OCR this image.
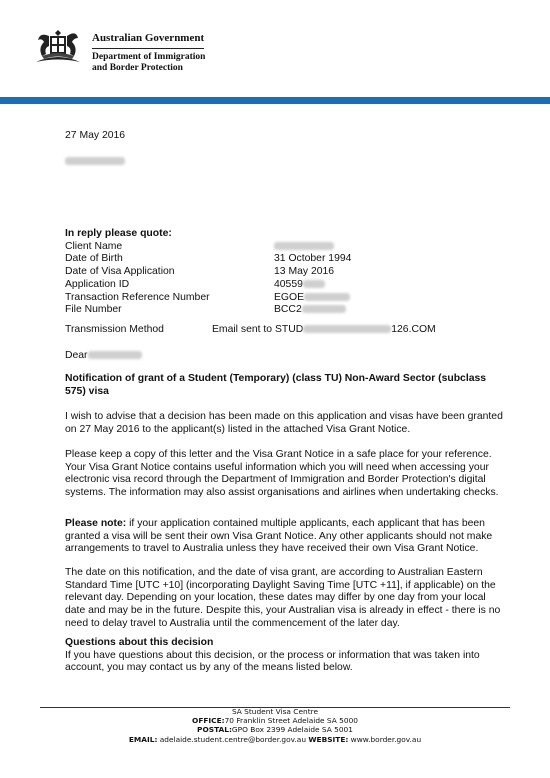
Australian Government
Department of Immigration
and Border Protection
27 May 2016
In reply please quote:
Client Name
Date of Birth	31 October 1994
Date of Visa Application	13 May 2016
Application ID	40559
Transaction Reference Number	EGOE
File Number	BCC2
Transmission Method	Email sent to STUD	126.COM
Dear
Notification of grant of a Student (Temporary) (class TU) Non-Award Sector (subclass 575) visa
I wish to advise that a decision has been made on this application and visas have been granted on 27 May 2016 to the applicant(s) listed in the attached Visa Grant Notice.
Please keep a copy of this letter and the Visa Grant Notice in a safe place for your reference. Your Visa Grant Notice contains useful information which you will need when accessing your electronic visa record through the Department of Immigration and Border Protection's digital systems. The information may also assist organisations and airlines when undertaking checks.
Please note: if your application contained multiple applicants, each applicant that has been granted a visa will be sent their own Visa Grant Notice. Any other applicants should not make arrangements to travel to Australia unless they have received their own Visa Grant Notice.
The date on this notification, and the date of visa grant, are according to Australian Eastern Standard Time [UTC +10] (incorporating Daylight Saving Time [UTC +11], if applicable) on the relevant day. Depending on your location, these dates may differ by one day from your local date and may be in the future. Despite this, your Australian visa is already in effect - there is no need to delay travel to Australia until the commencement of the later day.
Questions about this decision
If you have questions about this decision, or the process or information that was taken into account, you may contact us by any of the means listed below.
SA Student Visa Centre
OFFICE:70 Franklin Street Adelaide SA 5000
POSTAL:GPO Box 2399 Adelaide SA 5001
EMAIL: adelaide.student.centre@border.gov.au WEBSITE: www.border.gov.au
